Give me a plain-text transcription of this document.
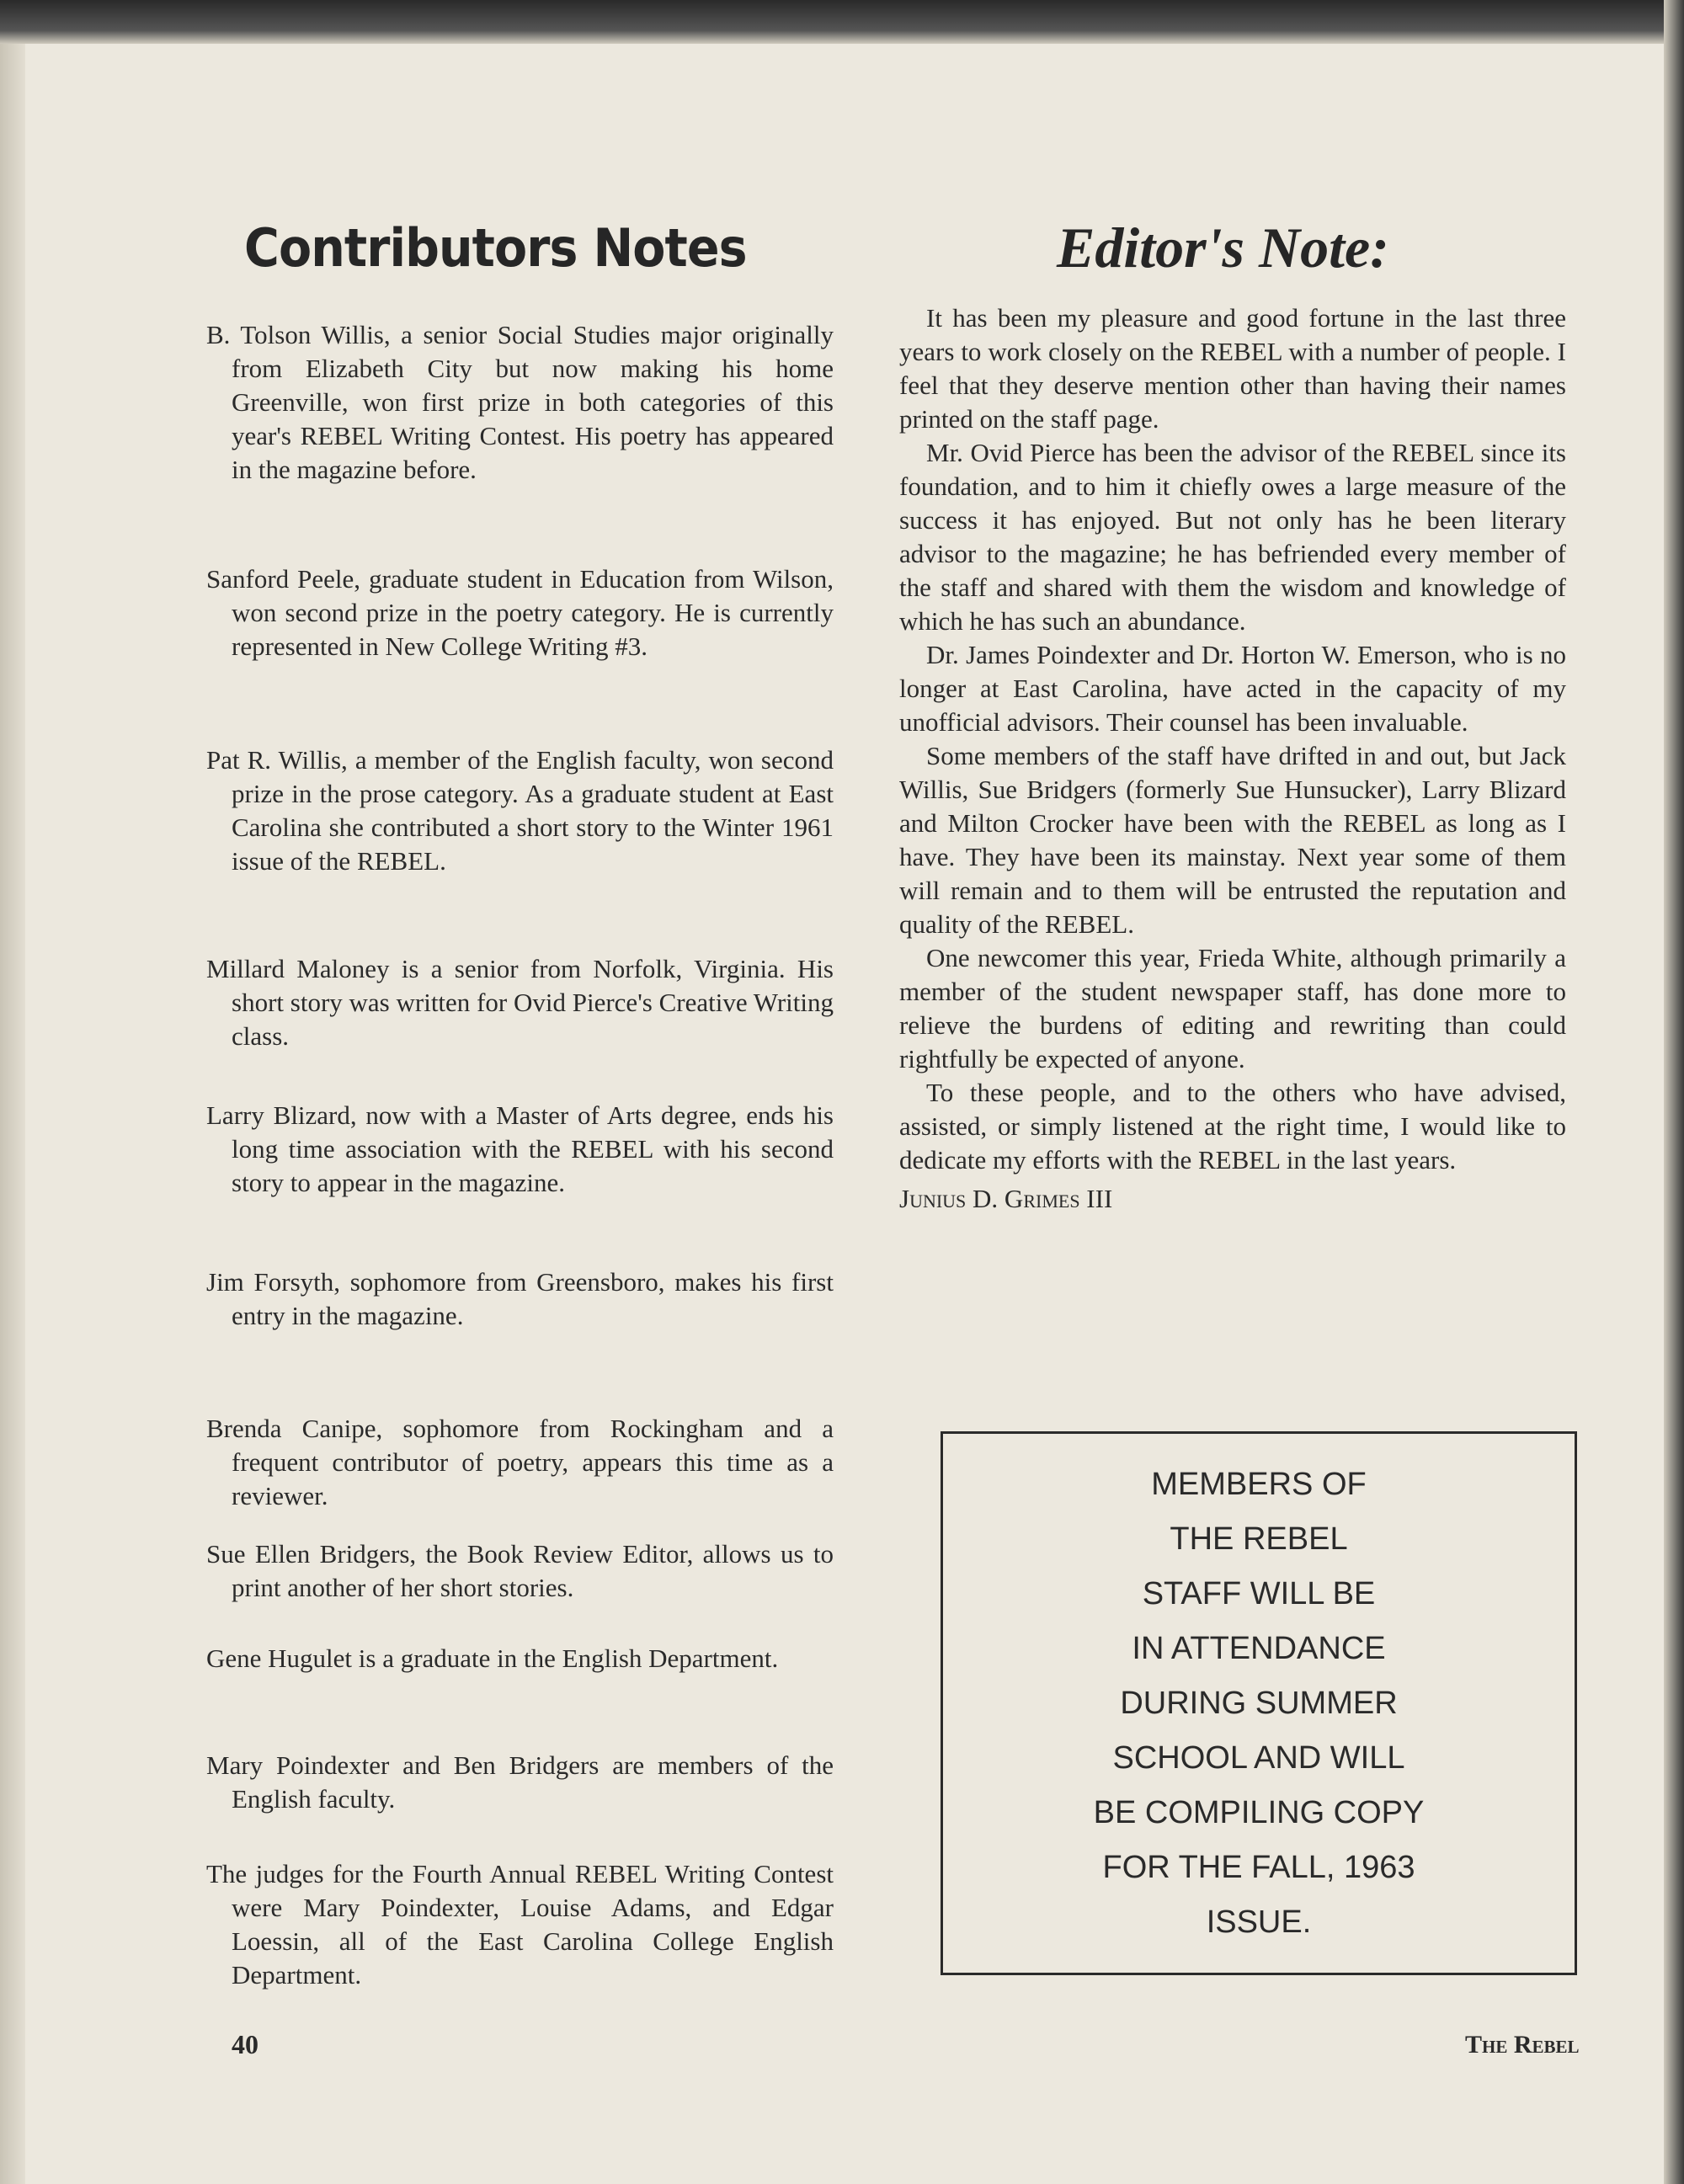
Contributors Notes
B. Tolson Willis, a senior Social Studies major originally from Elizabeth City but now making his home Greenville, won first prize in both categories of this year's REBEL Writing Contest. His poetry has appeared in the magazine before.
Sanford Peele, graduate student in Education from Wilson, won second prize in the poetry category. He is currently represented in New College Writing #3.
Pat R. Willis, a member of the English faculty, won second prize in the prose category. As a graduate student at East Carolina she contributed a short story to the Winter 1961 issue of the REBEL.
Millard Maloney is a senior from Norfolk, Virginia. His short story was written for Ovid Pierce's Creative Writing class.
Larry Blizard, now with a Master of Arts degree, ends his long time association with the REBEL with his second story to appear in the magazine.
Jim Forsyth, sophomore from Greensboro, makes his first entry in the magazine.
Brenda Canipe, sophomore from Rockingham and a frequent contributor of poetry, appears this time as a reviewer.
Sue Ellen Bridgers, the Book Review Editor, allows us to print another of her short stories.
Gene Hugulet is a graduate in the English Department.
Mary Poindexter and Ben Bridgers are members of the English faculty.
The judges for the Fourth Annual REBEL Writing Contest were Mary Poindexter, Louise Adams, and Edgar Loessin, all of the East Carolina College English Department.
Editor's Note:

It has been my pleasure and good fortune in the last three years to work closely on the REBEL with a number of people. I feel that they deserve mention other than having their names printed on the staff page.

Mr. Ovid Pierce has been the advisor of the REBEL since its foundation, and to him it chiefly owes a large measure of the success it has enjoyed. But not only has he been literary advisor to the magazine; he has befriended every member of the staff and shared with them the wisdom and knowledge of which he has such an abundance.

Dr. James Poindexter and Dr. Horton W. Emerson, who is no longer at East Carolina, have acted in the capacity of my unofficial advisors. Their counsel has been invaluable.

Some members of the staff have drifted in and out, but Jack Willis, Sue Bridgers (formerly Sue Hunsucker), Larry Blizard and Milton Crocker have been with the REBEL as long as I have. They have been its mainstay. Next year some of them will remain and to them will be entrusted the reputation and quality of the REBEL.

One newcomer this year, Frieda White, although primarily a member of the student newspaper staff, has done more to relieve the burdens of editing and rewriting than could rightfully be expected of anyone.

To these people, and to the others who have advised, assisted, or simply listened at the right time, I would like to dedicate my efforts with the REBEL in the last years.

Junius D. Grimes III

MEMBERS OF
THE REBEL
STAFF WILL BE
IN ATTENDANCE
DURING SUMMER
SCHOOL AND WILL
BE COMPILING COPY
FOR THE FALL, 1963
ISSUE.
40	The Rebel
